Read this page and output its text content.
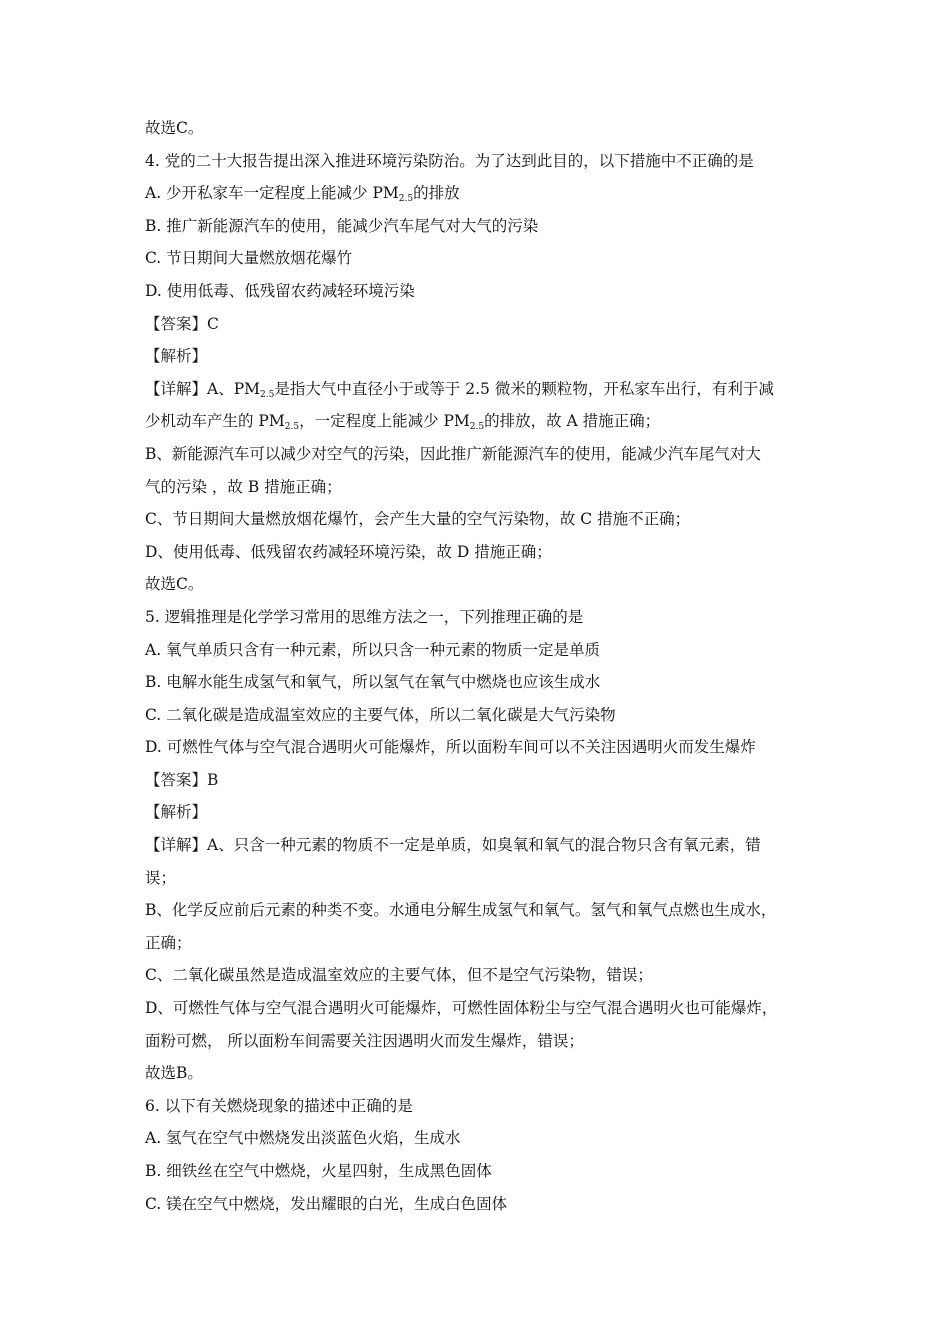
故选C。
4. 党的二十大报告提出深入推进环境污染防治。为了达到此目的，以下措施中不正确的是
A. 少开私家车一定程度上能减少 $PM_{2.5}$的排放
B. 推广新能源汽车的使用，能减少汽车尾气对大气的污染
C. 节日期间大量燃放烟花爆竹
D. 使用低毒、低残留农药减轻环境污染
【答案】C
【解析】
【详解】A、$PM_{2.5}$是指大气中直径小于或等于 2.5 微米的颗粒物，开私家车出行，有利于减
少机动车产生的 $PM_{2.5}$，一定程度上能减少 $PM_{2.5}$的排放，故 A 措施正确；
B、新能源汽车可以减少对空气的污染，因此推广新能源汽车的使用，能减少汽车尾气对大
气的污染 ，故 B 措施正确；
C、节日期间大量燃放烟花爆竹，会产生大量的空气污染物，故 C 措施不正确；
D、使用低毒、低残留农药减轻环境污染，故 D 措施正确；
故选C。
5. 逻辑推理是化学学习常用的思维方法之一，下列推理正确的是
A. 氧气单质只含有一种元素，所以只含一种元素的物质一定是单质
B. 电解水能生成氢气和氧气，所以氢气在氧气中燃烧也应该生成水
C. 二氧化碳是造成温室效应的主要气体，所以二氧化碳是大气污染物
D. 可燃性气体与空气混合遇明火可能爆炸，所以面粉车间可以不关注因遇明火而发生爆炸
【答案】B
【解析】
【详解】A、只含一种元素的物质不一定是单质，如臭氧和氧气的混合物只含有氧元素，错
误；
B、化学反应前后元素的种类不变。水通电分解生成氢气和氧气。氢气和氧气点燃也生成水，
正确；
C、二氧化碳虽然是造成温室效应的主要气体，但不是空气污染物，错误；
D、可燃性气体与空气混合遇明火可能爆炸，可燃性固体粉尘与空气混合遇明火也可能爆炸，
面粉可燃， 所以面粉车间需要关注因遇明火而发生爆炸，错误；
故选B。
6. 以下有关燃烧现象的描述中正确的是
A. 氢气在空气中燃烧发出淡蓝色火焰，生成水
B. 细铁丝在空气中燃烧，火星四射，生成黑色固体
C. 镁在空气中燃烧，发出耀眼的白光，生成白色固体
